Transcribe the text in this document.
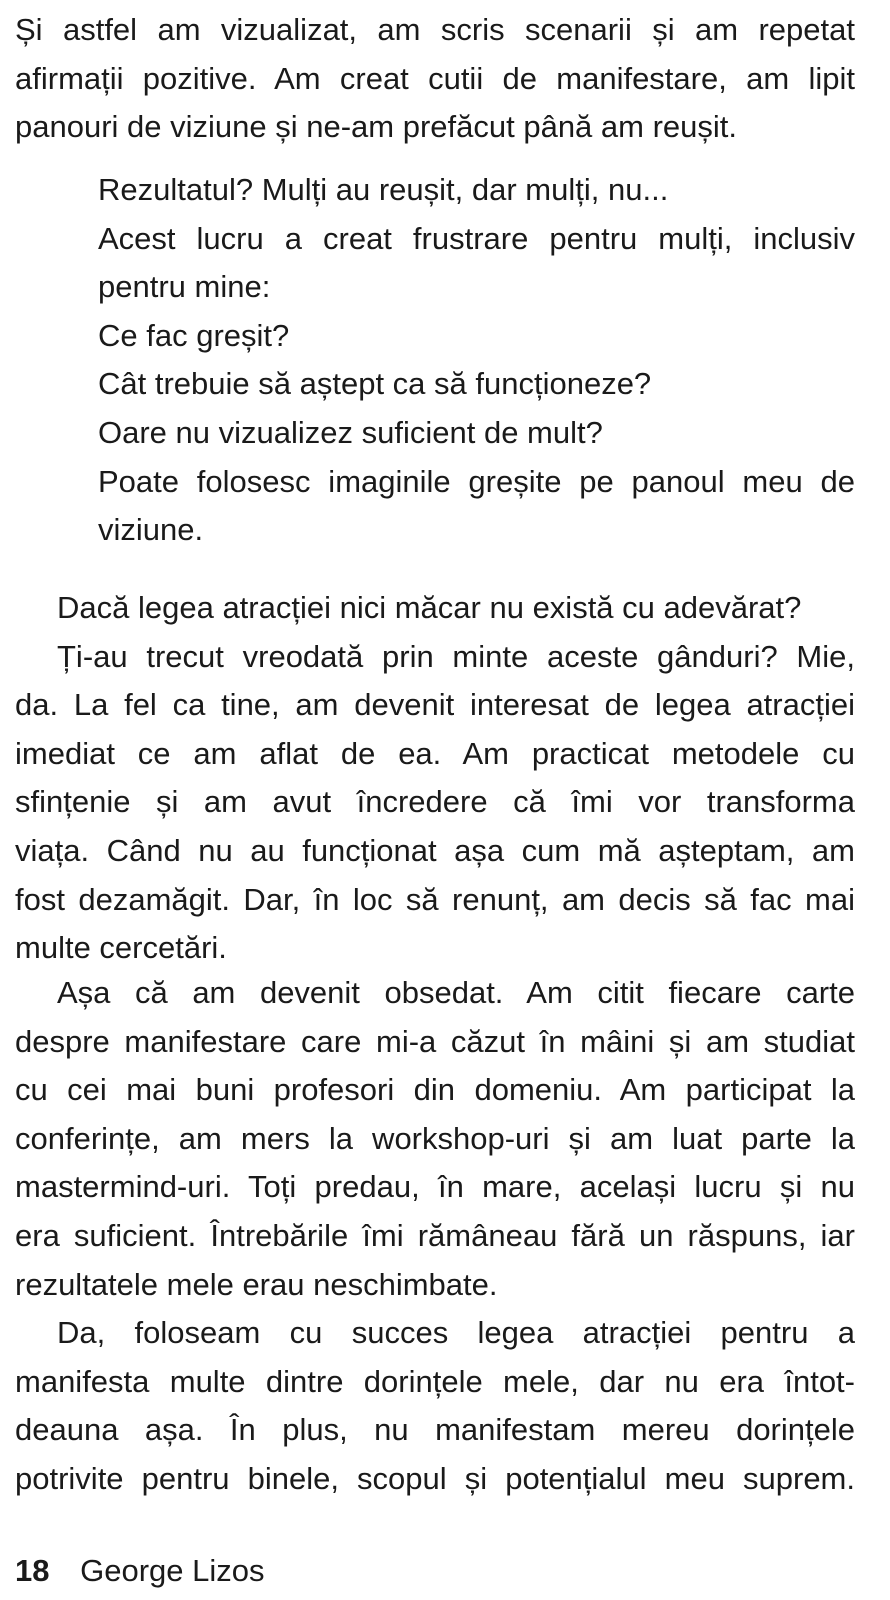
Și astfel am vizualizat, am scris scenarii și am repetat
afirmații pozitive. Am creat cutii de manifestare, am lipit
panouri de viziune și ne-am prefăcut până am reușit.
Rezultatul? Mulți au reușit, dar mulți, nu...
Acest lucru a creat frustrare pentru mulți, inclusiv
pentru mine:
Ce fac greșit?
Cât trebuie să aștept ca să funcționeze?
Oare nu vizualizez suficient de mult?
Poate folosesc imaginile greșite pe panoul meu de
viziune.
Dacă legea atracției nici măcar nu există cu adevărat?
Ți-au trecut vreodată prin minte aceste gânduri? Mie,
da. La fel ca tine, am devenit interesat de legea atracției
imediat ce am aflat de ea. Am practicat metodele cu
sfințenie și am avut încredere că îmi vor transforma
viața. Când nu au funcționat așa cum mă așteptam, am
fost dezamăgit. Dar, în loc să renunț, am decis să fac mai
multe cercetări.
Așa că am devenit obsedat. Am citit fiecare carte
despre manifestare care mi-a căzut în mâini și am studiat
cu cei mai buni profesori din domeniu. Am participat la
conferințe, am mers la workshop-uri și am luat parte la
mastermind-uri. Toți predau, în mare, același lucru și nu
era suficient. Întrebările îmi rămâneau fără un răspuns, iar
rezultatele mele erau neschimbate.
Da, foloseam cu succes legea atracției pentru a
manifesta multe dintre dorințele mele, dar nu era întot-
deauna așa. În plus, nu manifestam mereu dorințele
potrivite pentru binele, scopul și potențialul meu suprem.
18 George Lizos
